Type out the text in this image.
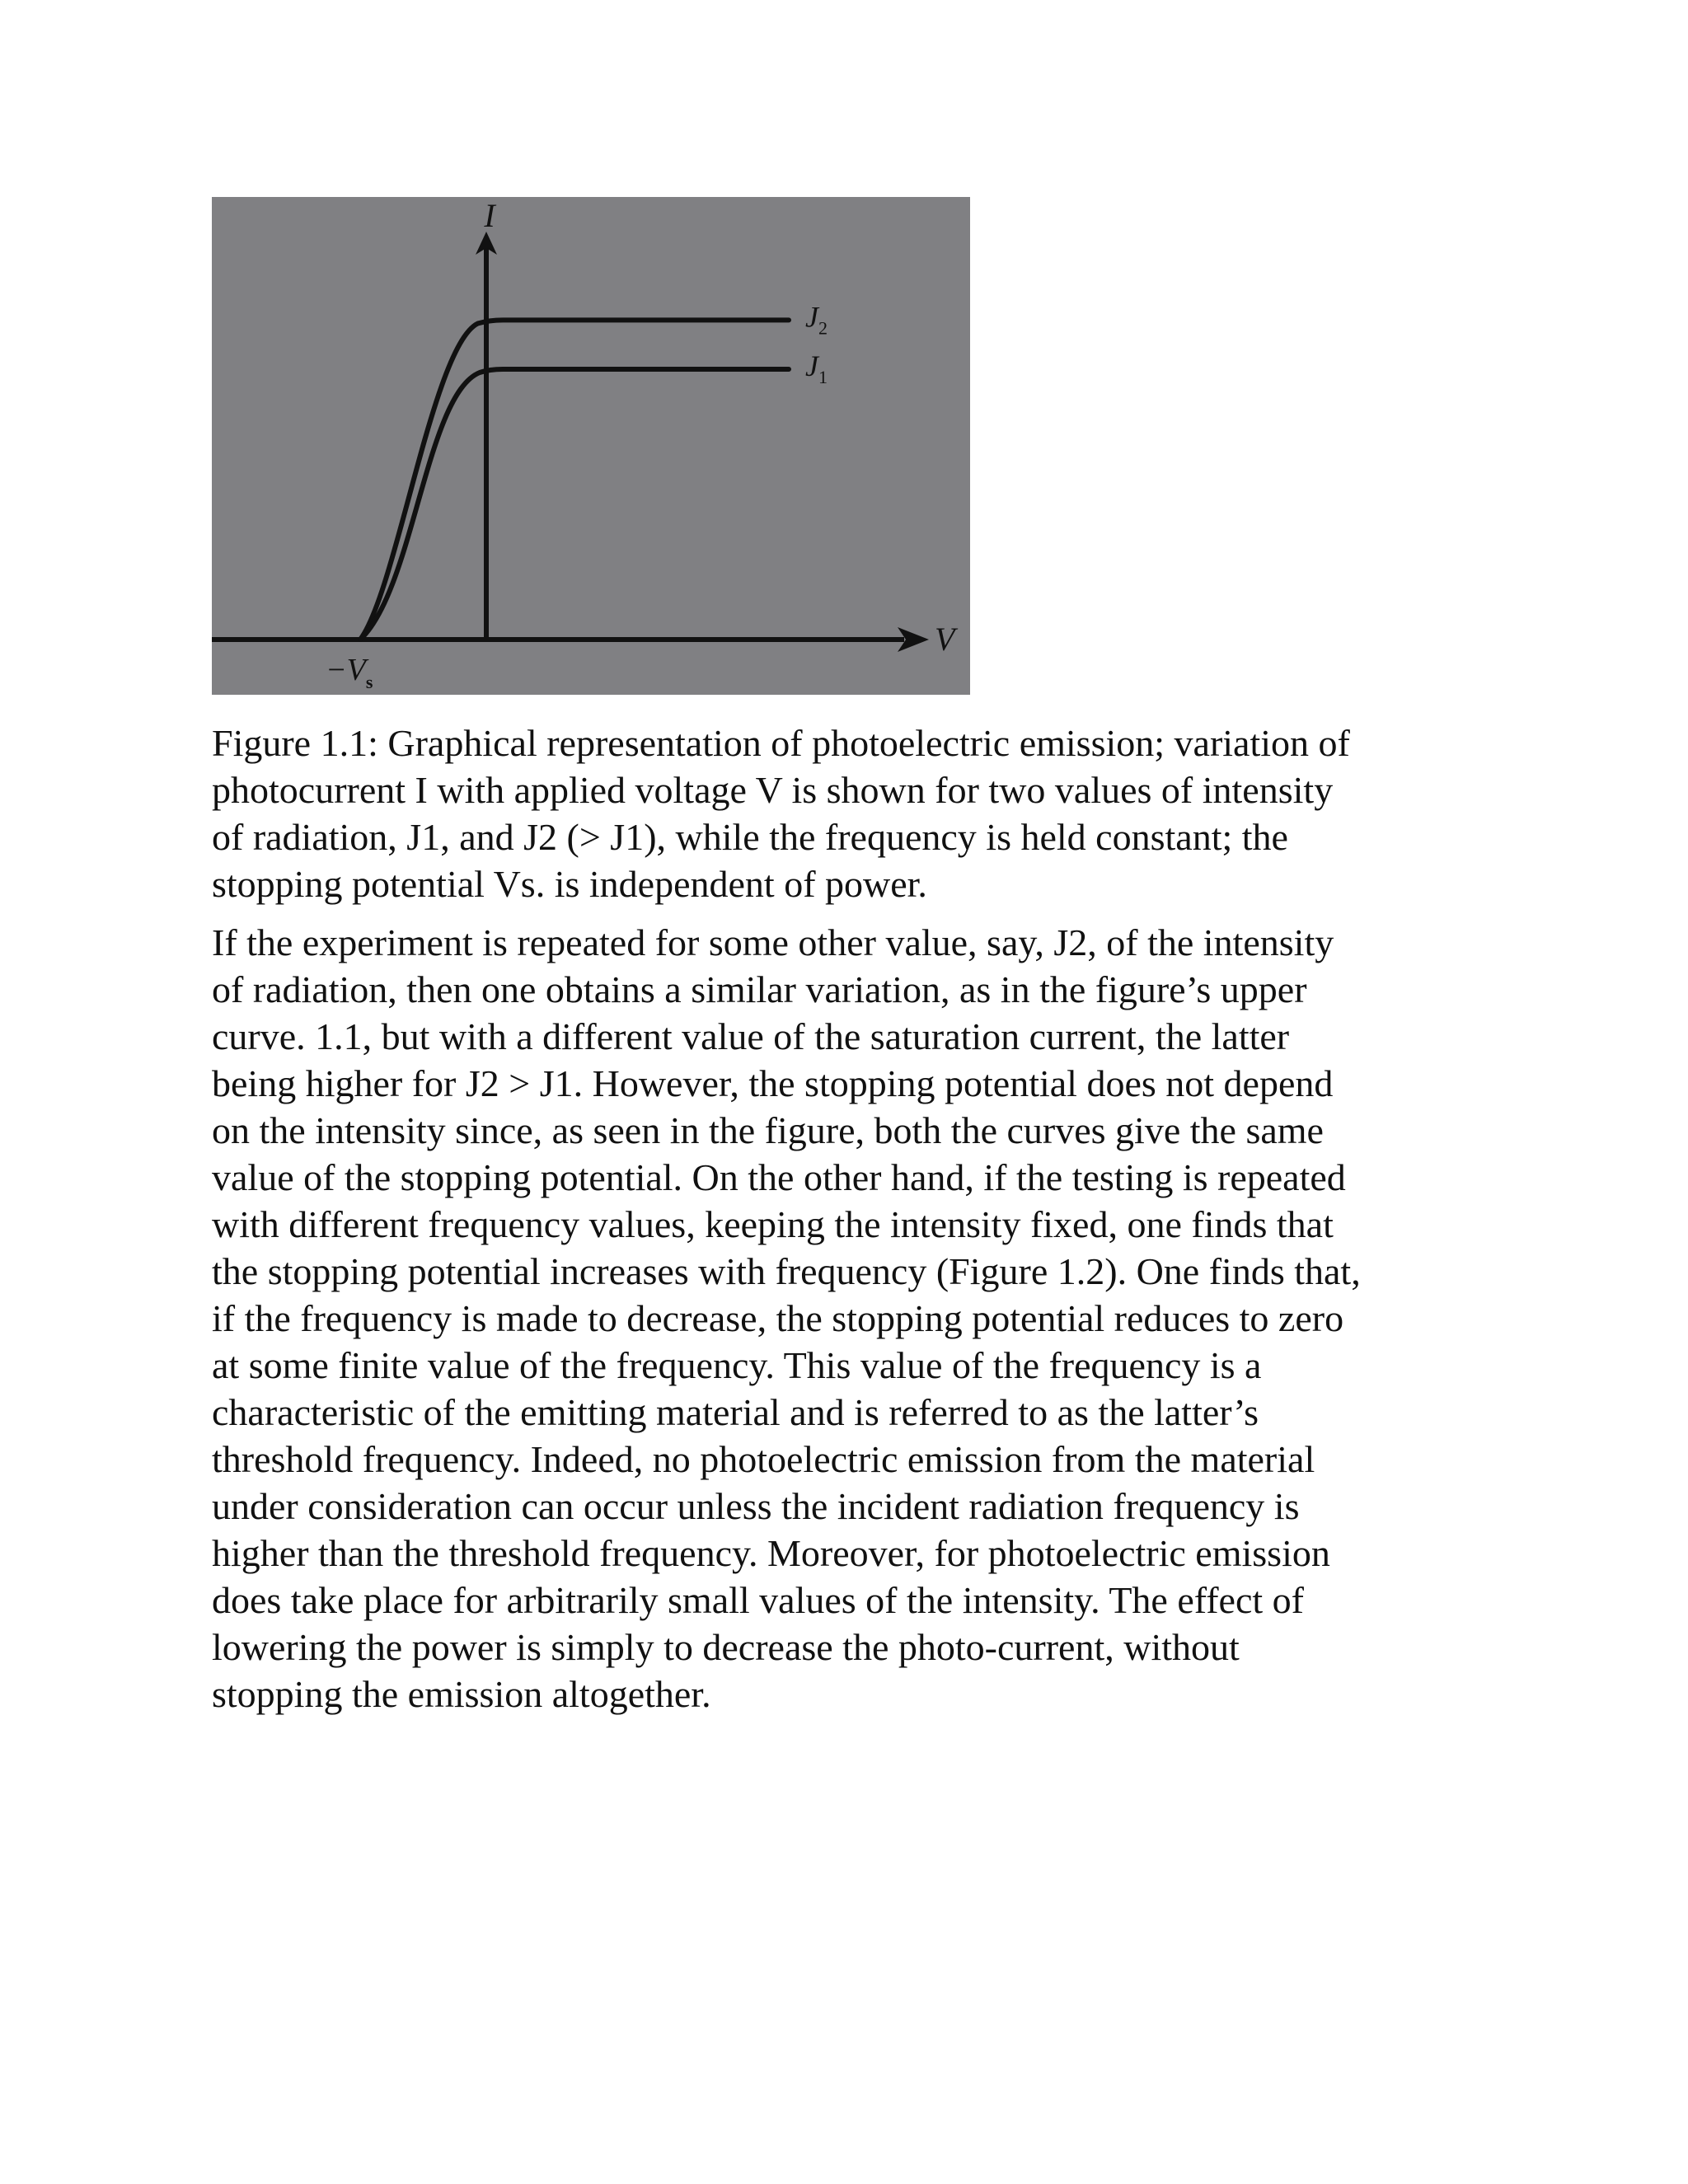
I
V
$-V_s$
$J_2$
$J_1$

Figure 1.1: Graphical representation of photoelectric emission; variation of
photocurrent I with applied voltage V is shown for two values of intensity
of radiation, J1, and J2 (> J1), while the frequency is held constant; the
stopping potential Vs. is independent of power.

If the experiment is repeated for some other value, say, J2, of the intensity
of radiation, then one obtains a similar variation, as in the figure’s upper
curve. 1.1, but with a different value of the saturation current, the latter
being higher for J2 > J1. However, the stopping potential does not depend
on the intensity since, as seen in the figure, both the curves give the same
value of the stopping potential. On the other hand, if the testing is repeated
with different frequency values, keeping the intensity fixed, one finds that
the stopping potential increases with frequency (Figure 1.2). One finds that,
if the frequency is made to decrease, the stopping potential reduces to zero
at some finite value of the frequency. This value of the frequency is a
characteristic of the emitting material and is referred to as the latter’s
threshold frequency. Indeed, no photoelectric emission from the material
under consideration can occur unless the incident radiation frequency is
higher than the threshold frequency. Moreover, for photoelectric emission
does take place for arbitrarily small values of the intensity. The effect of
lowering the power is simply to decrease the photo-current, without
stopping the emission altogether.
